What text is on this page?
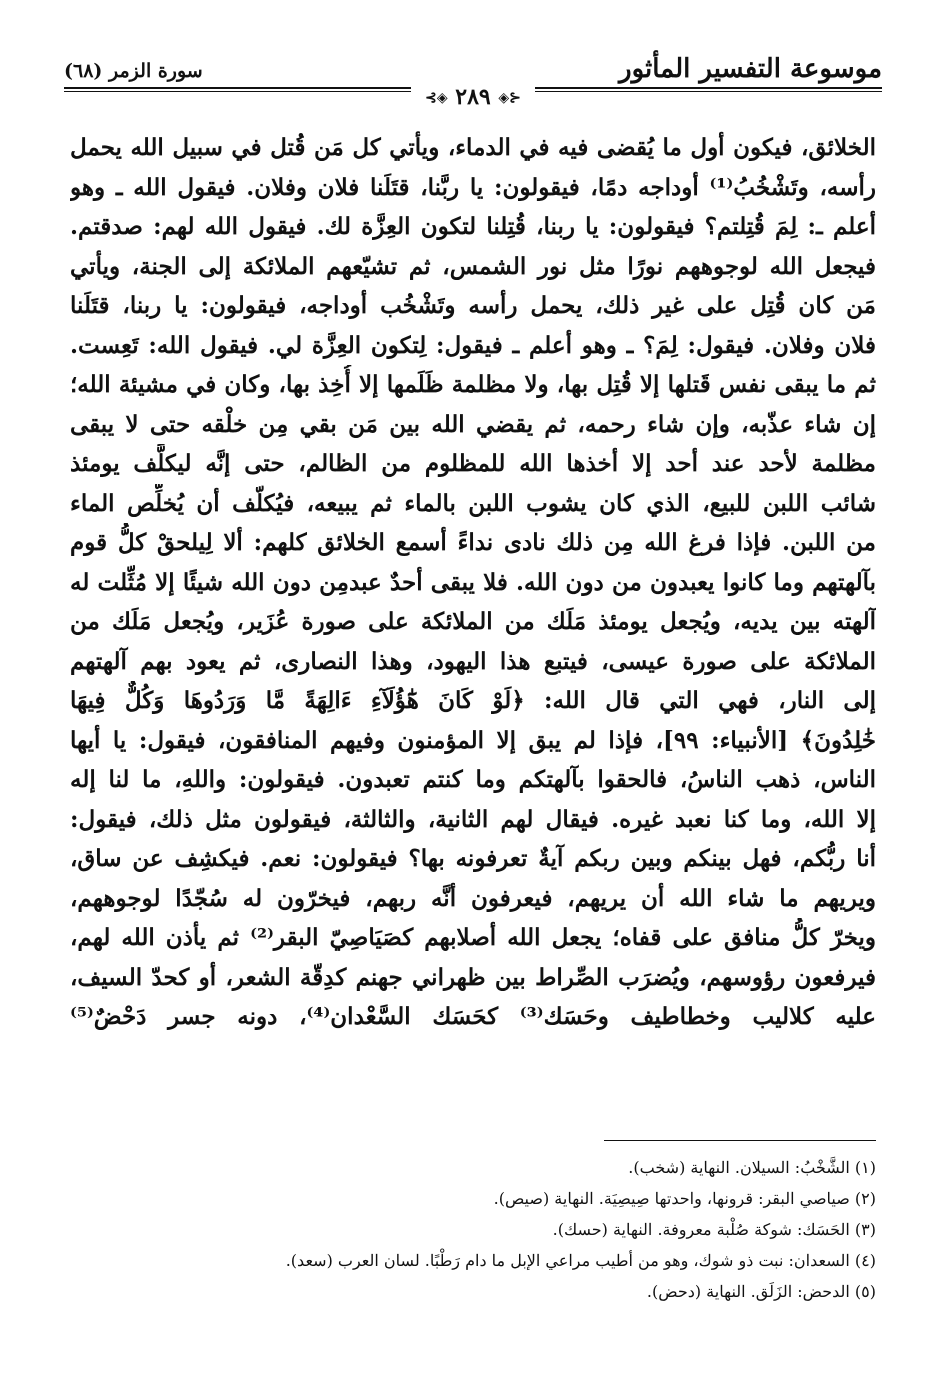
موسوعة التفسير المأثور
سورة الزمر (٦٨)
⊰◈ ٢٨٩ ◈⊱
الخلائق، فيكون أول ما يُقضى فيه في الدماء، ويأتي كل مَن قُتل في سبيل الله يحمل
رأسه، وتَشْخُبُ⁽¹⁾ أوداجه دمًا، فيقولون: يا ربَّنا، قتَلَنا فلان وفلان. فيقول الله ـ وهو
أعلم ـ: لِمَ قُتِلتم؟ فيقولون: يا ربنا، قُتِلنا لتكون العِزَّة لك. فيقول الله لهم: صدقتم.
فيجعل الله لوجوههم نورًا مثل نور الشمس، ثم تشيّعهم الملائكة إلى الجنة، ويأتي
مَن كان قُتِل على غير ذلك، يحمل رأسه وتَشْخُب أوداجه، فيقولون: يا ربنا، قتَلَنا
فلان وفلان. فيقول: لِمَ؟ ـ وهو أعلم ـ فيقول: لِتكون العِزَّة لي. فيقول الله: تَعِست.
ثم ما يبقى نفس قَتلها إلا قُتِل بها، ولا مظلمة ظَلَمها إلا أُخِذ بها، وكان في مشيئة الله؛
إن شاء عذّبه، وإن شاء رحمه، ثم يقضي الله بين مَن بقي مِن خلْقه حتى لا يبقى
مظلمة لأحد عند أحد إلا أخذها الله للمظلوم من الظالم، حتى إنَّه ليكلَّف يومئذ
شائب اللبن للبيع، الذي كان يشوب اللبن بالماء ثم يبيعه، فيُكلّف أن يُخلِّص الماء
من اللبن. فإذا فرغ الله مِن ذلك نادى نداءً أسمع الخلائق كلهم: ألا لِيلحقْ كلُّ قوم
بآلهتهم وما كانوا يعبدون من دون الله. فلا يبقى أحدٌ عبدمِن دون الله شيئًا إلا مُثِّلت له
آلهته بين يديه، ويُجعل يومئذ مَلَك من الملائكة على صورة عُزَير، ويُجعل مَلَك من
الملائكة على صورة عيسى، فيتبع هذا اليهود، وهذا النصارى، ثم يعود بهم آلهتهم
إلى النار، فهي التي قال الله: ﴿لَوْ كَانَ هَٰٓؤُلَآءِ ءَالِهَةً مَّا وَرَدُوهَا وَكُلٌّ فِيهَا
خَٰلِدُونَ﴾ [الأنبياء: ٩٩]، فإذا لم يبق إلا المؤمنون وفيهم المنافقون، فيقول: يا أيها
الناس، ذهب الناسُ، فالحقوا بآلهتكم وما كنتم تعبدون. فيقولون: واللهِ، ما لنا إله
إلا الله، وما كنا نعبد غيره. فيقال لهم الثانية، والثالثة، فيقولون مثل ذلك، فيقول:
أنا ربُّكم، فهل بينكم وبين ربكم آيةٌ تعرفونه بها؟ فيقولون: نعم. فيكشِف عن ساق،
ويريهم ما شاء الله أن يريهم، فيعرفون أنَّه ربهم، فيخرّون له سُجّدًا لوجوههم،
ويخرّ كلُّ منافق على قفاه؛ يجعل الله أصلابهم كصَيَاصِيّ البقر⁽²⁾ ثم يأذن الله لهم،
فيرفعون رؤوسهم، ويُضرَب الصِّراط بين ظهراني جهنم كدِقّة الشعر، أو كحدّ السيف،
عليه كلاليب وخطاطيف وحَسَك⁽³⁾ كحَسَك السَّعْدان⁽⁴⁾، دونه جسر دَحْضٌ⁽⁵⁾
(١) الشَّخْبُ: السيلان. النهاية (شخب).
(٢) صياصي البقر: قرونها، واحدتها صِيصِيَة. النهاية (صيص).
(٣) الحَسَك: شوكة صُلْبة معروفة. النهاية (حسك).
(٤) السعدان: نبت ذو شوك، وهو من أطيب مراعي الإبل ما دام رَطْبًا. لسان العرب (سعد).
(٥) الدحض: الزَلَق. النهاية (دحض).
